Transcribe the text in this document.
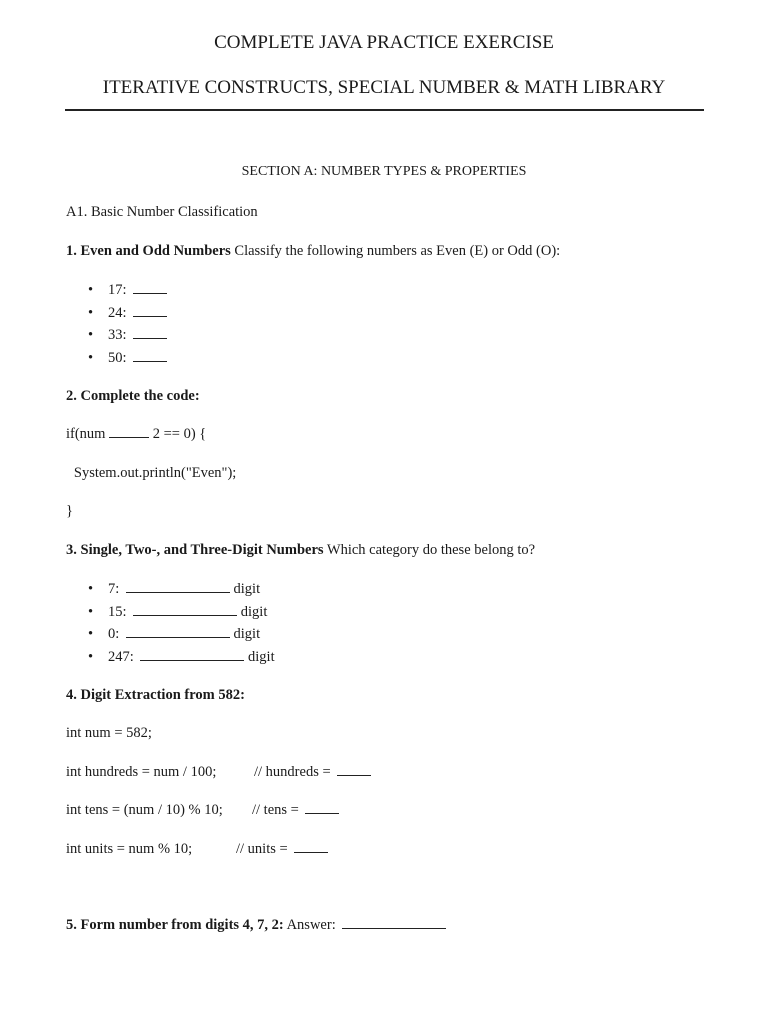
COMPLETE JAVA PRACTICE EXERCISE
ITERATIVE CONSTRUCTS, SPECIAL NUMBER & MATH LIBRARY
SECTION A: NUMBER TYPES & PROPERTIES
A1. Basic Number Classification
1. Even and Odd Numbers Classify the following numbers as Even (E) or Odd (O):
• 17:
• 24:
• 33:
• 50:
2. Complete the code:
if(num	2 == 0) {
System.out.println("Even");
}
3. Single, Two-, and Three-Digit Numbers Which category do these belong to?
• 7:	digit
• 15:	digit
• 0:	digit
• 247:	digit
4. Digit Extraction from 582:
int num = 582;
int hundreds = num / 100;	// hundreds =
int tens = (num / 10) % 10; // tens =
int units = num % 10;	// units =
5. Form number from digits 4, 7, 2: Answer:
